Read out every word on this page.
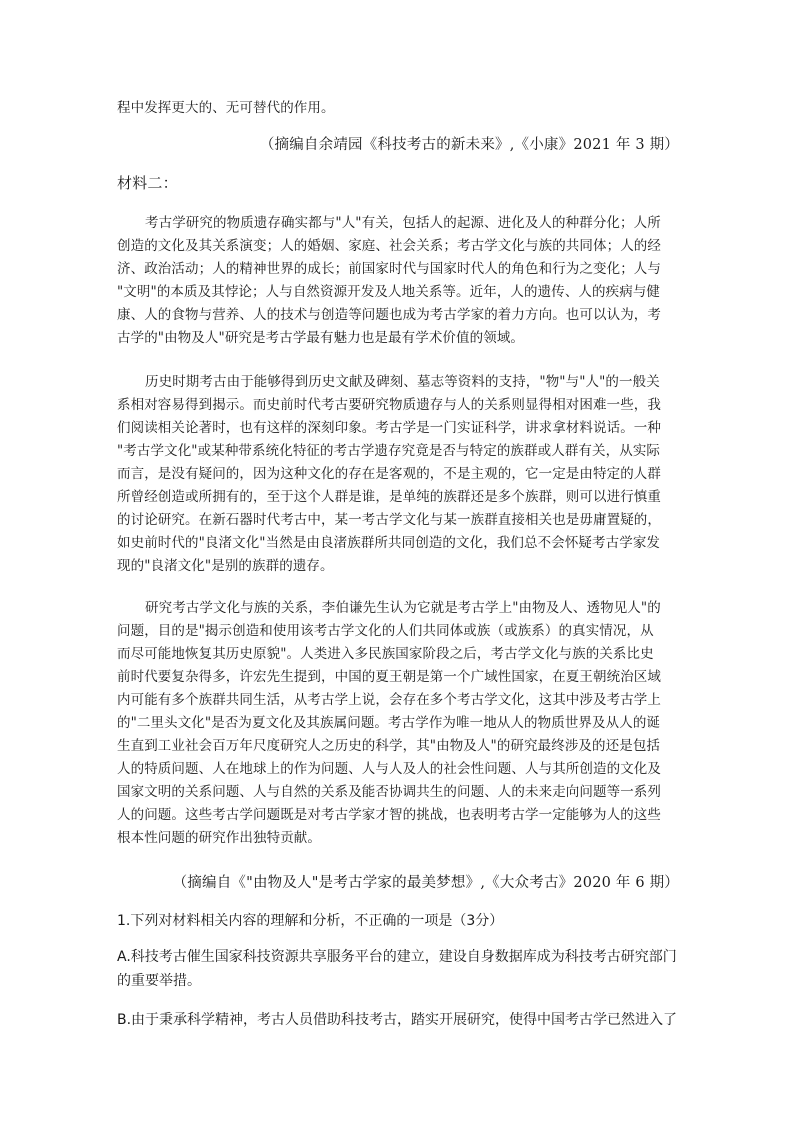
程中发挥更大的、无可替代的作用。
（摘编自余靖园《科技考古的新未来》,《小康》2021 年 3 期）
材料二：
考古学研究的物质遗存确实都与"人"有关，包括人的起源、进化及人的种群分化；人所
创造的文化及其关系演变；人的婚姻、家庭、社会关系；考古学文化与族的共同体；人的经
济、政治活动；人的精神世界的成长；前国家时代与国家时代人的角色和行为之变化；人与
"文明"的本质及其悖论；人与自然资源开发及人地关系等。近年，人的遗传、人的疾病与健
康、人的食物与营养、人的技术与创造等问题也成为考古学家的着力方向。也可以认为，考
古学的"由物及人"研究是考古学最有魅力也是最有学术价值的领域。
历史时期考古由于能够得到历史文献及碑刻、墓志等资料的支持，"物"与"人"的一般关
系相对容易得到揭示。而史前时代考古要研究物质遗存与人的关系则显得相对困难一些，我
们阅读相关论著时，也有这样的深刻印象。考古学是一门实证科学，讲求拿材料说话。一种
"考古学文化"或某种带系统化特征的考古学遗存究竟是否与特定的族群或人群有关，从实际
而言，是没有疑问的，因为这种文化的存在是客观的，不是主观的，它一定是由特定的人群
所曾经创造或所拥有的，至于这个人群是谁，是单纯的族群还是多个族群，则可以进行慎重
的讨论研究。在新石器时代考古中，某一考古学文化与某一族群直接相关也是毋庸置疑的，
如史前时代的"良渚文化"当然是由良渚族群所共同创造的文化，我们总不会怀疑考古学家发
现的"良渚文化"是别的族群的遗存。
研究考古学文化与族的关系，李伯谦先生认为它就是考古学上"由物及人、透物见人"的
问题，目的是"揭示创造和使用该考古学文化的人们共同体或族（或族系）的真实情况，从
而尽可能地恢复其历史原貌"。人类进入多民族国家阶段之后，考古学文化与族的关系比史
前时代要复杂得多，许宏先生提到，中国的夏王朝是第一个广域性国家，在夏王朝统治区域
内可能有多个族群共同生活，从考古学上说，会存在多个考古学文化，这其中涉及考古学上
的"二里头文化"是否为夏文化及其族属问题。考古学作为唯一地从人的物质世界及从人的诞
生直到工业社会百万年尺度研究人之历史的科学，其"由物及人"的研究最终涉及的还是包括
人的特质问题、人在地球上的作为问题、人与人及人的社会性问题、人与其所创造的文化及
国家文明的关系问题、人与自然的关系及能否协调共生的问题、人的未来走向问题等一系列
人的问题。这些考古学问题既是对考古学家才智的挑战，也表明考古学一定能够为人的这些
根本性问题的研究作出独特贡献。
（摘编自《"由物及人"是考古学家的最美梦想》,《大众考古》2020 年 6 期）
1.下列对材料相关内容的理解和分析，不正确的一项是（3分）
A.科技考古催生国家科技资源共享服务平台的建立，建设自身数据库成为科技考古研究部门
的重要举措。
B.由于秉承科学精神，考古人员借助科技考古，踏实开展研究，使得中国考古学已然进入了
